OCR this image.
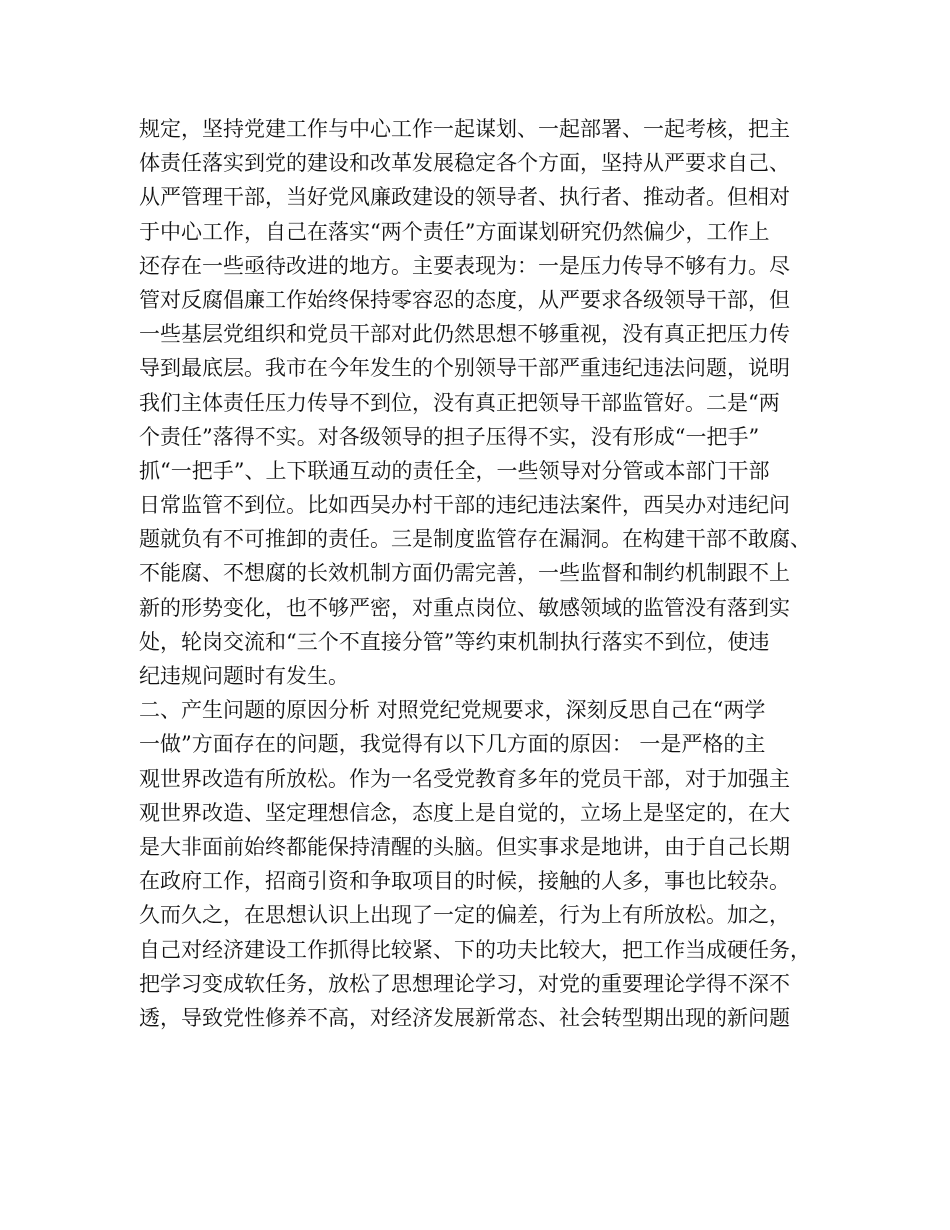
规定，坚持党建工作与中心工作一起谋划、一起部署、一起考核，把主
体责任落实到党的建设和改革发展稳定各个方面，坚持从严要求自己、
从严管理干部，当好党风廉政建设的领导者、执行者、推动者。但相对
于中心工作，自己在落实“两个责任”方面谋划研究仍然偏少，工作上
还存在一些亟待改进的地方。主要表现为：一是压力传导不够有力。尽
管对反腐倡廉工作始终保持零容忍的态度，从严要求各级领导干部，但
一些基层党组织和党员干部对此仍然思想不够重视，没有真正把压力传
导到最底层。我市在今年发生的个别领导干部严重违纪违法问题，说明
我们主体责任压力传导不到位，没有真正把领导干部监管好。二是“两
个责任”落得不实。对各级领导的担子压得不实，没有形成“一把手”
抓“一把手”、上下联通互动的责任全，一些领导对分管或本部门干部
日常监管不到位。比如西吴办村干部的违纪违法案件，西吴办对违纪问
题就负有不可推卸的责任。三是制度监管存在漏洞。在构建干部不敢腐、
不能腐、不想腐的长效机制方面仍需完善，一些监督和制约机制跟不上
新的形势变化，也不够严密，对重点岗位、敏感领域的监管没有落到实
处，轮岗交流和“三个不直接分管”等约束机制执行落实不到位，使违
纪违规问题时有发生。
二、产生问题的原因分析 对照党纪党规要求，深刻反思自己在“两学
一做”方面存在的问题，我觉得有以下几方面的原因： 一是严格的主
观世界改造有所放松。作为一名受党教育多年的党员干部，对于加强主
观世界改造、坚定理想信念，态度上是自觉的，立场上是坚定的，在大
是大非面前始终都能保持清醒的头脑。但实事求是地讲，由于自己长期
在政府工作，招商引资和争取项目的时候，接触的人多，事也比较杂。
久而久之，在思想认识上出现了一定的偏差，行为上有所放松。加之，
自己对经济建设工作抓得比较紧、下的功夫比较大，把工作当成硬任务，
把学习变成软任务，放松了思想理论学习，对党的重要理论学得不深不
透，导致党性修养不高，对经济发展新常态、社会转型期出现的新问题
